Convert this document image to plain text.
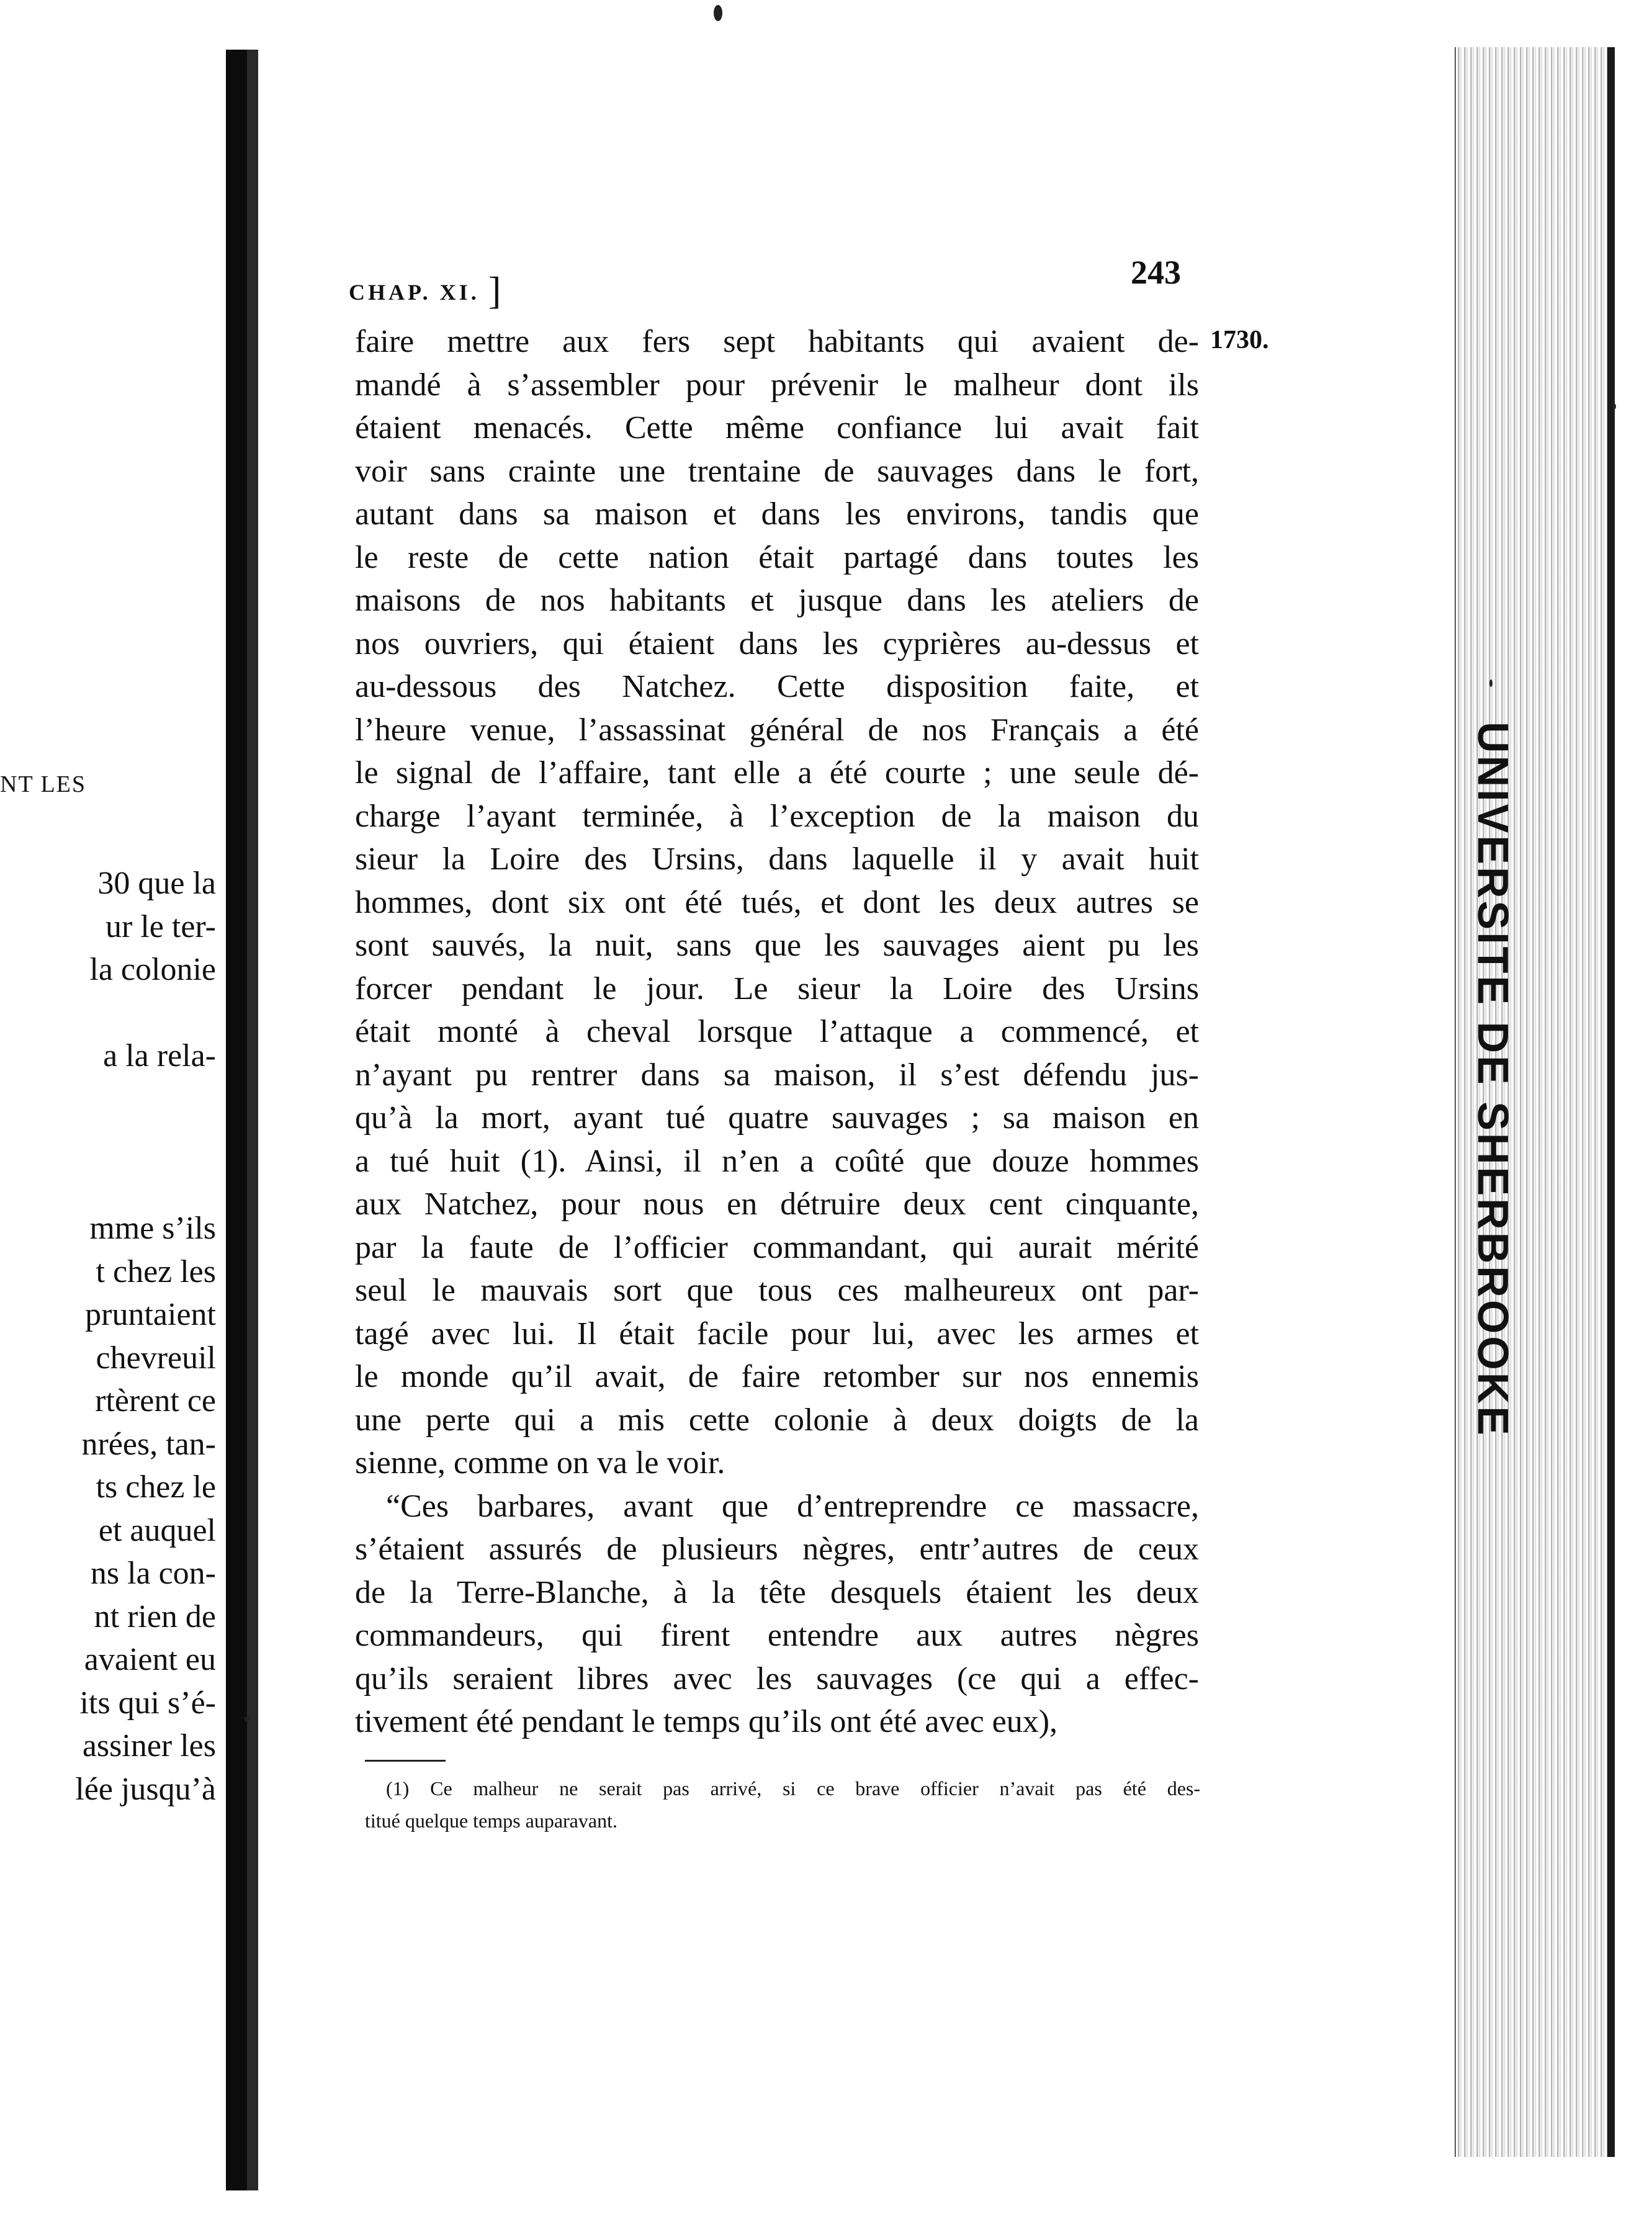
NT LES
30 que la
ur le ter-
la colonie
a la rela-
mme s’ils
t chez les
pruntaient
chevreuil
rtèrent ce
nrées, tan-
ts chez le
et auquel
ns la con-
nt rien de
avaient eu
its qui s’é-
assiner les
lée jusqu’à
UNIVERSITE DE SHERBROOKE
CHAP. XI. ]	243
1730.
faire mettre aux fers sept habitants qui avaient de-
mandé à s’assembler pour prévenir le malheur dont ils
étaient menacés. Cette même confiance lui avait fait
voir sans crainte une trentaine de sauvages dans le fort,
autant dans sa maison et dans les environs, tandis que
le reste de cette nation était partagé dans toutes les
maisons de nos habitants et jusque dans les ateliers de
nos ouvriers, qui étaient dans les cyprières au-dessus et
au-dessous des Natchez. Cette disposition faite, et
l’heure venue, l’assassinat général de nos Français a été
le signal de l’affaire, tant elle a été courte ; une seule dé-
charge l’ayant terminée, à l’exception de la maison du
sieur la Loire des Ursins, dans laquelle il y avait huit
hommes, dont six ont été tués, et dont les deux autres se
sont sauvés, la nuit, sans que les sauvages aient pu les
forcer pendant le jour. Le sieur la Loire des Ursins
était monté à cheval lorsque l’attaque a commencé, et
n’ayant pu rentrer dans sa maison, il s’est défendu jus-
qu’à la mort, ayant tué quatre sauvages ; sa maison en
a tué huit (1). Ainsi, il n’en a coûté que douze hommes
aux Natchez, pour nous en détruire deux cent cinquante,
par la faute de l’officier commandant, qui aurait mérité
seul le mauvais sort que tous ces malheureux ont par-
tagé avec lui. Il était facile pour lui, avec les armes et
le monde qu’il avait, de faire retomber sur nos ennemis
une perte qui a mis cette colonie à deux doigts de la
sienne, comme on va le voir.
“Ces barbares, avant que d’entreprendre ce massacre,
s’étaient assurés de plusieurs nègres, entr’autres de ceux
de la Terre-Blanche, à la tête desquels étaient les deux
commandeurs, qui firent entendre aux autres nègres
qu’ils seraient libres avec les sauvages (ce qui a effec-
tivement été pendant le temps qu’ils ont été avec eux),
(1) Ce malheur ne serait pas arrivé, si ce brave officier n’avait pas été des-
titué quelque temps auparavant.
